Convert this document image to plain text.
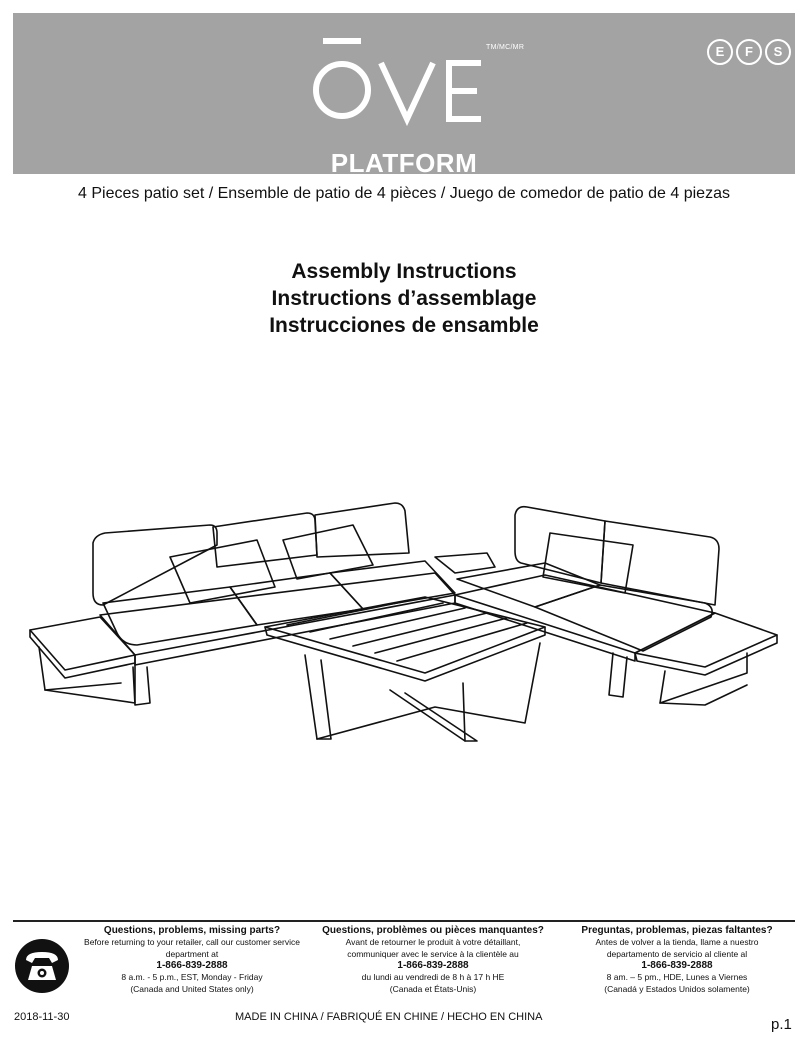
TM/MC/MR	E	F	S
PLATFORM
4 Pieces patio set / Ensemble de patio de 4 pièces / Juego de comedor de patio de 4 piezas
Assembly Instructions
Instructions d’assemblage
Instrucciones de ensamble
Questions, problems, missing parts?
Before returning to your retailer, call our customer service
department at
1-866-839-2888
8 a.m. - 5 p.m., EST, Monday - Friday
(Canada and United States only)
Questions, problèmes ou pièces manquantes?
Avant de retourner le produit à votre détaillant,
communiquer avec le service à la clientèle au
1-866-839-2888
du lundi au vendredi de 8 h à 17 h HE
(Canada et États-Unis)
Preguntas, problemas, piezas faltantes?
Antes de volver a la tienda, llame a nuestro
departamento de servicio al cliente al
1-866-839-2888
8 am. – 5 pm., HDE, Lunes a Viernes
(Canadá y Estados Unidos solamente)
2018-11-30	MADE IN CHINA / FABRIQUÉ EN CHINE / HECHO EN CHINA	p.1
